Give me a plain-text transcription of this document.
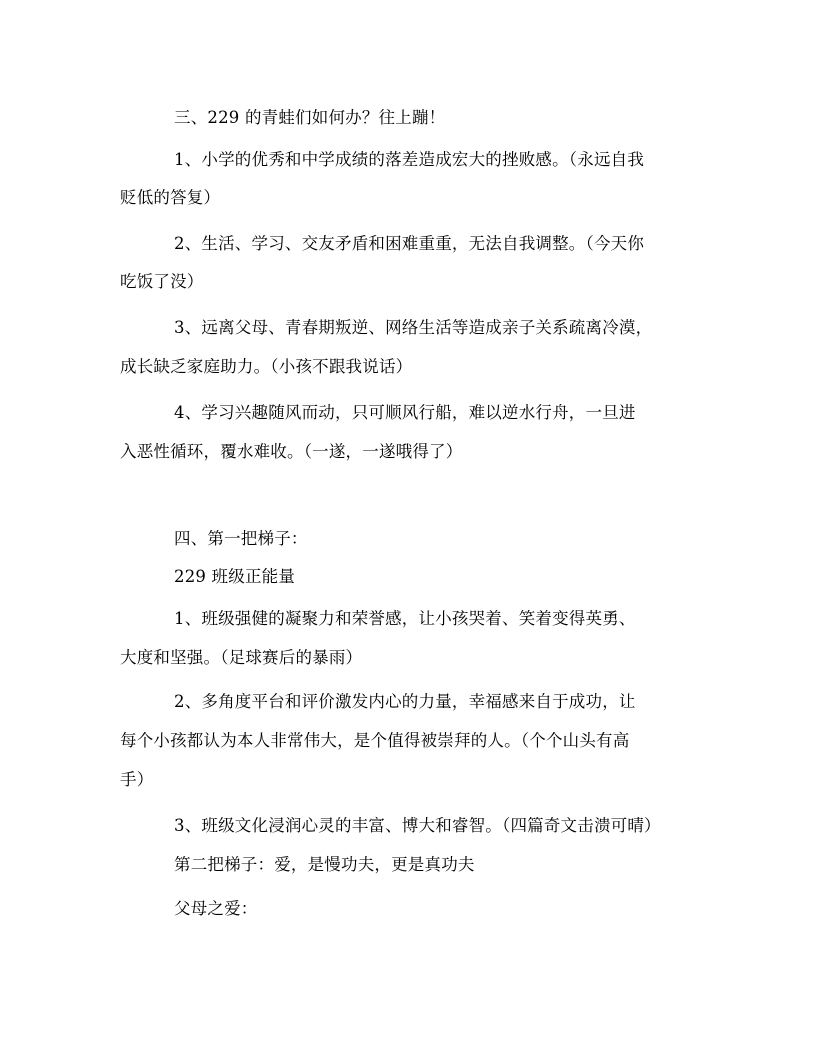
三、229 的青蛙们如何办？往上蹦！
1、小学的优秀和中学成绩的落差造成宏大的挫败感。（永远自我
贬低的答复）
2、生活、学习、交友矛盾和困难重重，无法自我调整。（今天你
吃饭了没）
3、远离父母、青春期叛逆、网络生活等造成亲子关系疏离冷漠，
成长缺乏家庭助力。（小孩不跟我说话）
4、学习兴趣随风而动，只可顺风行船，难以逆水行舟，一旦进
入恶性循环，覆水难收。（一遂，一遂哦得了）
四、第一把梯子：
229 班级正能量
1、班级强健的凝聚力和荣誉感，让小孩哭着、笑着变得英勇、
大度和坚强。（足球赛后的暴雨）
2、多角度平台和评价激发内心的力量，幸福感来自于成功，让
每个小孩都认为本人非常伟大，是个值得被崇拜的人。（个个山头有高
手）
3、班级文化浸润心灵的丰富、博大和睿智。（四篇奇文击溃可晴）
第二把梯子：爱，是慢功夫，更是真功夫
父母之爱：
